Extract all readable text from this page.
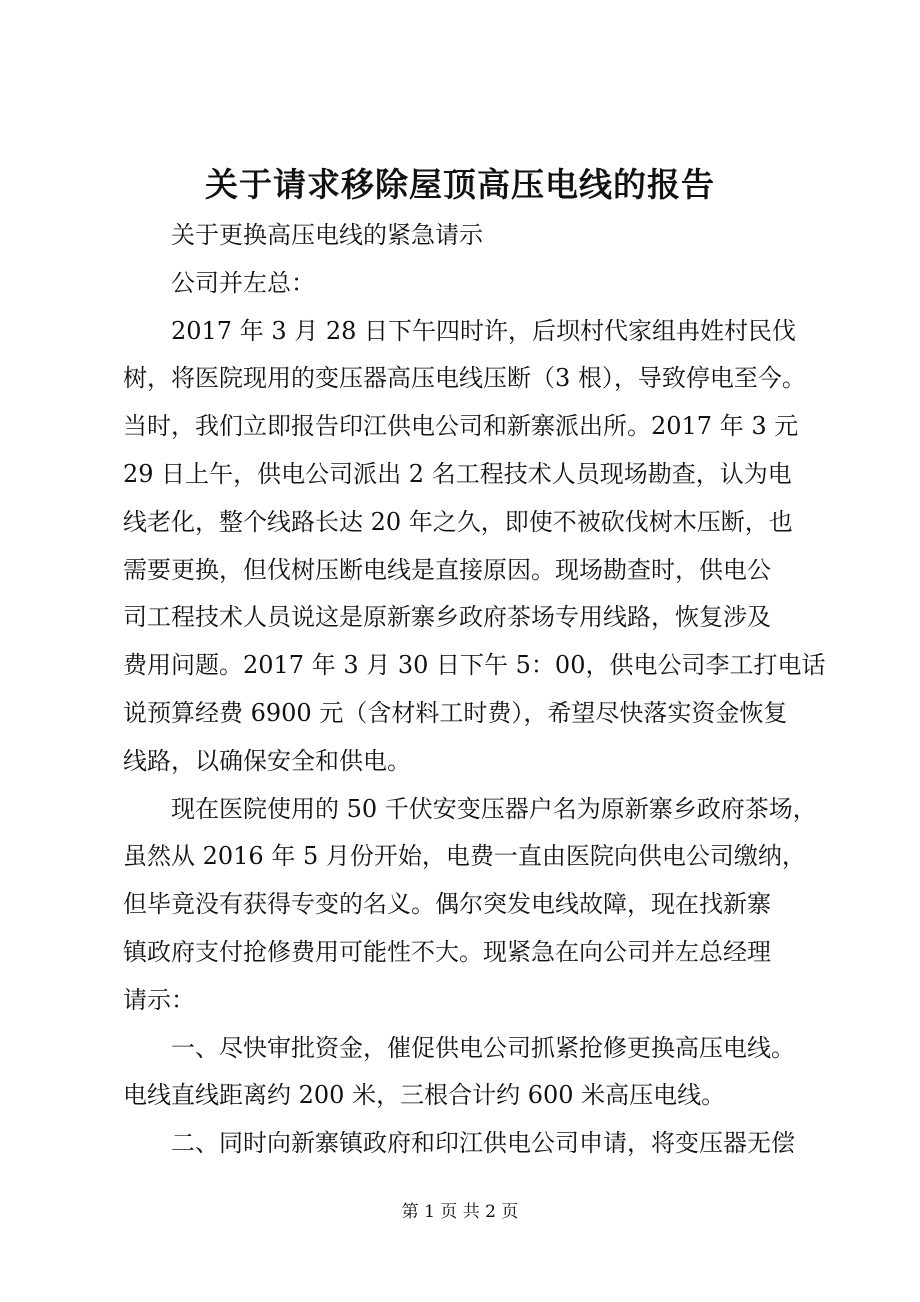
关于请求移除屋顶高压电线的报告
关于更换高压电线的紧急请示
公司并左总：
2017 年 3 月 28 日下午四时许，后坝村代家组冉姓村民伐
树，将医院现用的变压器高压电线压断（3 根），导致停电至今。
当时，我们立即报告印江供电公司和新寨派出所。2017 年 3 元
29 日上午，供电公司派出 2 名工程技术人员现场勘查，认为电
线老化，整个线路长达 20 年之久，即使不被砍伐树木压断，也
需要更换，但伐树压断电线是直接原因。现场勘查时，供电公
司工程技术人员说这是原新寨乡政府茶场专用线路，恢复涉及
费用问题。2017 年 3 月 30 日下午 5：00，供电公司李工打电话
说预算经费 6900 元（含材料工时费），希望尽快落实资金恢复
线路，以确保安全和供电。
现在医院使用的 50 千伏安变压器户名为原新寨乡政府茶场，
虽然从 2016 年 5 月份开始，电费一直由医院向供电公司缴纳，
但毕竟没有获得专变的名义。偶尔突发电线故障，现在找新寨
镇政府支付抢修费用可能性不大。现紧急在向公司并左总经理
请示：
一、尽快审批资金，催促供电公司抓紧抢修更换高压电线。
电线直线距离约 200 米，三根合计约 600 米高压电线。
二、同时向新寨镇政府和印江供电公司申请，将变压器无偿
第 1 页 共 2 页
